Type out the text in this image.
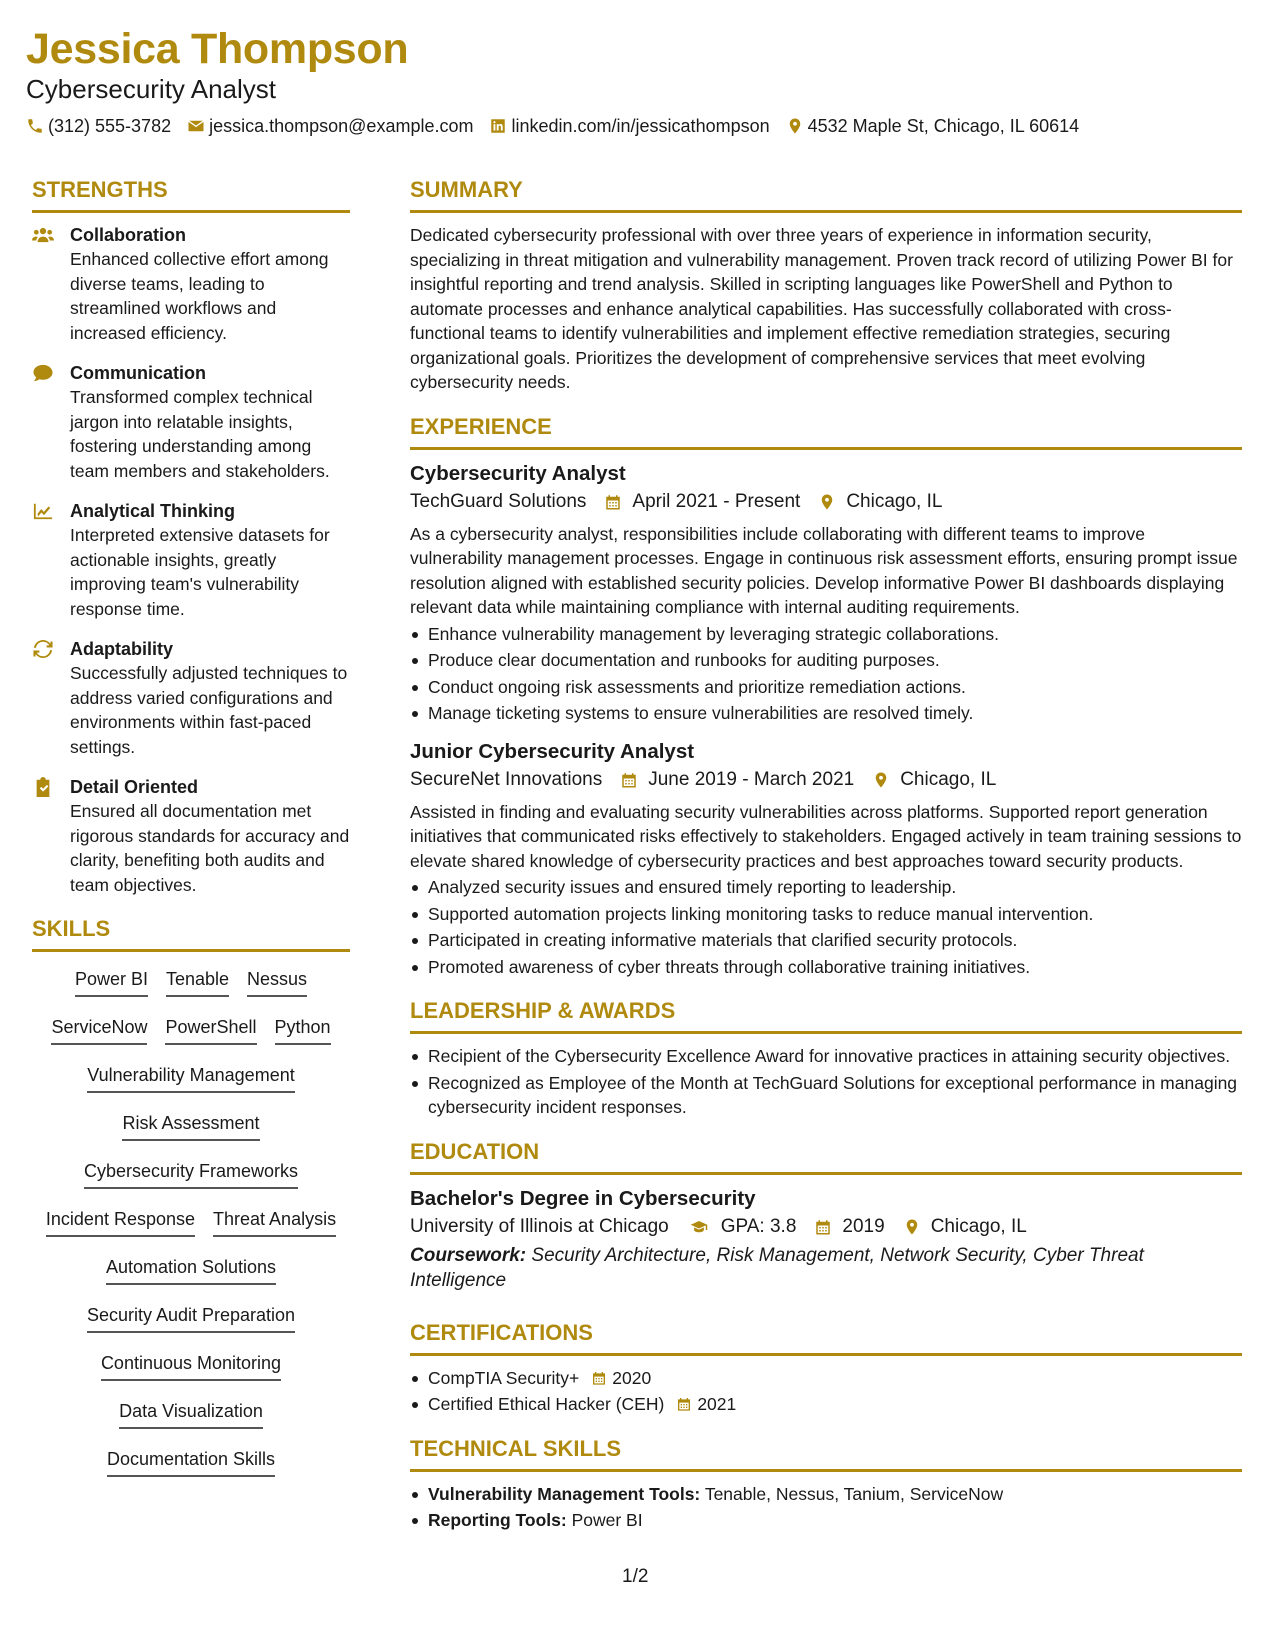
Jessica Thompson
Cybersecurity Analyst
(312) 555-3782 jessica.thompson@example.com linkedin.com/in/jessicathompson 4532 Maple St, Chicago, IL 60614
STRENGTHS
Collaboration
Enhanced collective effort among diverse teams, leading to streamlined workflows and increased efficiency.
Communication
Transformed complex technical jargon into relatable insights, fostering understanding among team members and stakeholders.
Analytical Thinking
Interpreted extensive datasets for actionable insights, greatly improving team's vulnerability response time.
Adaptability
Successfully adjusted techniques to address varied configurations and environments within fast-paced settings.
Detail Oriented
Ensured all documentation met rigorous standards for accuracy and clarity, benefiting both audits and team objectives.
SKILLS
Power BI Tenable Nessus
ServiceNow PowerShell Python
Vulnerability Management
Risk Assessment
Cybersecurity Frameworks
Incident Response Threat Analysis
Automation Solutions
Security Audit Preparation
Continuous Monitoring
Data Visualization
Documentation Skills
SUMMARY
Dedicated cybersecurity professional with over three years of experience in information security, specializing in threat mitigation and vulnerability management. Proven track record of utilizing Power BI for insightful reporting and trend analysis. Skilled in scripting languages like PowerShell and Python to automate processes and enhance analytical capabilities. Has successfully collaborated with cross-functional teams to identify vulnerabilities and implement effective remediation strategies, securing organizational goals. Prioritizes the development of comprehensive services that meet evolving cybersecurity needs.
EXPERIENCE
Cybersecurity Analyst
TechGuard Solutions April 2021 - Present Chicago, IL
As a cybersecurity analyst, responsibilities include collaborating with different teams to improve vulnerability management processes. Engage in continuous risk assessment efforts, ensuring prompt issue resolution aligned with established security policies. Develop informative Power BI dashboards displaying relevant data while maintaining compliance with internal auditing requirements.
Enhance vulnerability management by leveraging strategic collaborations.
Produce clear documentation and runbooks for auditing purposes.
Conduct ongoing risk assessments and prioritize remediation actions.
Manage ticketing systems to ensure vulnerabilities are resolved timely.
Junior Cybersecurity Analyst
SecureNet Innovations June 2019 - March 2021 Chicago, IL
Assisted in finding and evaluating security vulnerabilities across platforms. Supported report generation initiatives that communicated risks effectively to stakeholders. Engaged actively in team training sessions to elevate shared knowledge of cybersecurity practices and best approaches toward security products.
Analyzed security issues and ensured timely reporting to leadership.
Supported automation projects linking monitoring tasks to reduce manual intervention.
Participated in creating informative materials that clarified security protocols.
Promoted awareness of cyber threats through collaborative training initiatives.
LEADERSHIP & AWARDS
Recipient of the Cybersecurity Excellence Award for innovative practices in attaining security objectives.
Recognized as Employee of the Month at TechGuard Solutions for exceptional performance in managing cybersecurity incident responses.
EDUCATION
Bachelor's Degree in Cybersecurity
University of Illinois at Chicago	GPA: 3.8 2019 Chicago, IL
Coursework: Security Architecture, Risk Management, Network Security, Cyber Threat Intelligence
CERTIFICATIONS
CompTIA Security+ 2020
Certified Ethical Hacker (CEH) 2021
TECHNICAL SKILLS
Vulnerability Management Tools: Tenable, Nessus, Tanium, ServiceNow
Reporting Tools: Power BI
1/2
